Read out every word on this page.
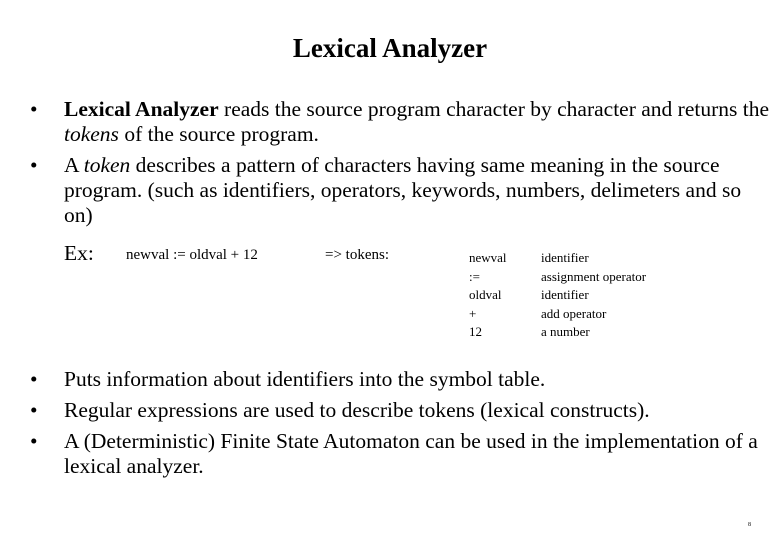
Lexical Analyzer

• Lexical Analyzer reads the source program character by character and returns the tokens of the source program.

• A token describes a pattern of characters having same meaning in the source program. (such as identifiers, operators, keywords, numbers, delimeters and so on)

Ex: newval := oldval + 12	=> tokens:	newval
:=
oldval
+
12
identifier
assignment operator
identifier
add operator
a number

• Puts information about identifiers into the symbol table.

• Regular expressions are used to describe tokens (lexical constructs).

• A (Deterministic) Finite State Automaton can be used in the implementation of a lexical analyzer.

8
